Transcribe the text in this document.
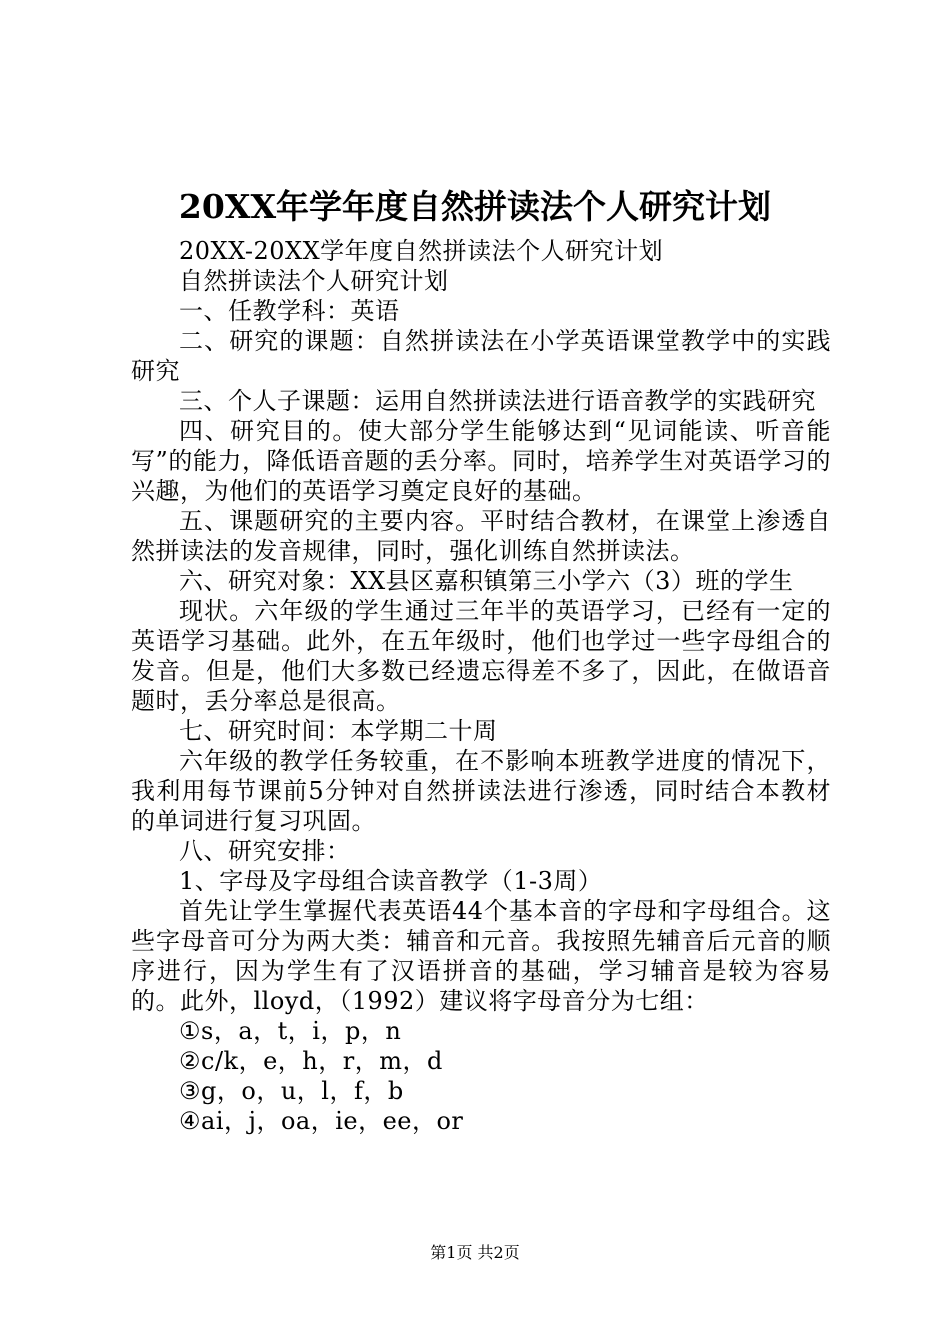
20XX年学年度自然拼读法个人研究计划

20XX-20XX学年度自然拼读法个人研究计划

自然拼读法个人研究计划

一、任教学科：英语

二、研究的课题：自然拼读法在小学英语课堂教学中的实践研究

三、个人子课题：运用自然拼读法进行语音教学的实践研究

四、研究目的。使大部分学生能够达到“见词能读、听音能写”的能力，降低语音题的丢分率。同时，培养学生对英语学习的兴趣，为他们的英语学习奠定良好的基础。

五、课题研究的主要内容。平时结合教材，在课堂上渗透自然拼读法的发音规律，同时，强化训练自然拼读法。

六、研究对象：XX县区嘉积镇第三小学六（3）班的学生

现状。六年级的学生通过三年半的英语学习，已经有一定的英语学习基础。此外，在五年级时，他们也学过一些字母组合的发音。但是，他们大多数已经遗忘得差不多了，因此，在做语音题时，丢分率总是很高。

七、研究时间：本学期二十周

六年级的教学任务较重，在不影响本班教学进度的情况下，我利用每节课前5分钟对自然拼读法进行渗透，同时结合本教材的单词进行复习巩固。

八、研究安排：

1、字母及字母组合读音教学（1-3周）

首先让学生掌握代表英语44个基本音的字母和字母组合。这些字母音可分为两大类：辅音和元音。我按照先辅音后元音的顺序进行，因为学生有了汉语拼音的基础，学习辅音是较为容易的。此外，lloyd，（1992）建议将字母音分为七组：

①s，a，t，i，p，n

②c/k，e，h，r，m，d

③g，o，u，l，f，b

④ai，j，oa，ie，ee，or

第1页 共2页
